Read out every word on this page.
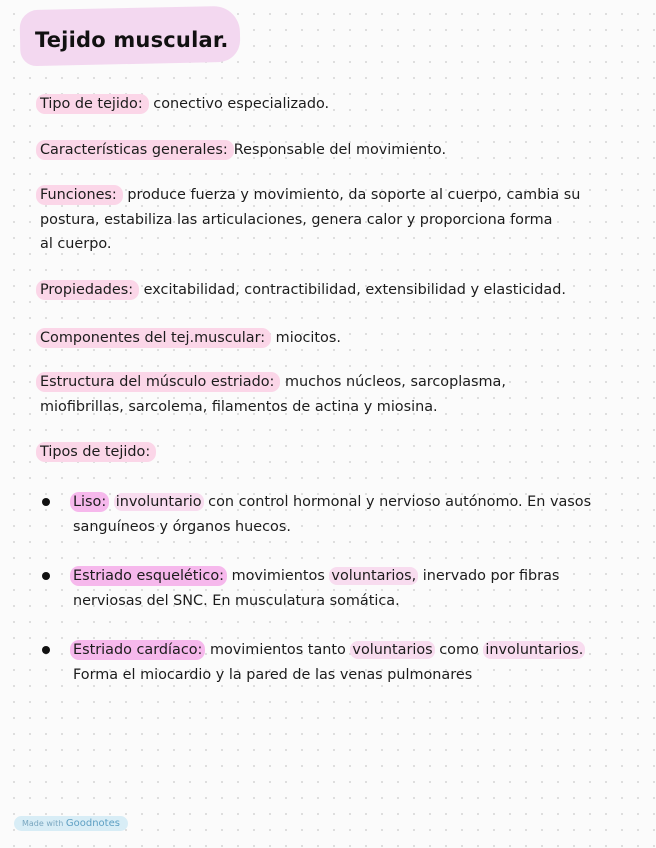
Tejido muscular.
Tipo de tejido: conectivo especializado.
Características generales: Responsable del movimiento.
Funciones: produce fuerza y movimiento, da soporte al cuerpo, cambia su
postura, estabiliza las articulaciones, genera calor y proporciona forma
al cuerpo.
Propiedades: excitabilidad, contractibilidad, extensibilidad y elasticidad.
Componentes del tej.muscular: miocitos.
Estructura del músculo estriado: muchos núcleos, sarcoplasma,
miofibrillas, sarcolema, filamentos de actina y miosina.
Tipos de tejido:
Liso: involuntario con control hormonal y nervioso autónomo. En vasos
sanguíneos y órganos huecos.
Estriado esquelético: movimientos voluntarios, inervado por fibras
nerviosas del SNC. En musculatura somática.
Estriado cardíaco: movimientos tanto voluntarios como involuntarios.
Forma el miocardio y la pared de las venas pulmonares
Made with Goodnotes
